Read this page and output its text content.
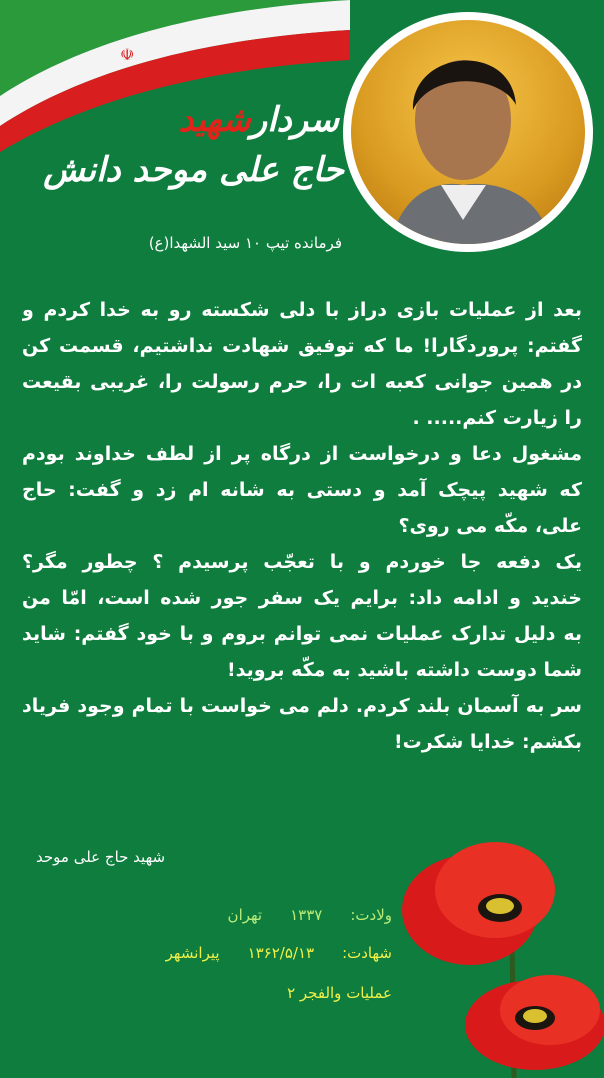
☫
سردارشهید
حاج علی موحد دانش
فرمانده تیپ ۱۰ سید الشهدا(ع)
بعد از عملیات بازی دراز با دلی شکسته رو به خدا کردم و
گفتم: پروردگارا! ما که توفیق شهادت نداشتیم، قسمت کن
در همین جوانی کعبه ات را، حرم رسولت را، غریبی بقیعت
را زیارت کنم..... .
مشغول دعا و درخواست از درگاه پر از لطف خداوند بودم
که شهید پیچک آمد و دستی به شانه ام زد و گفت: حاج
علی، مکّه می روی؟
یک دفعه جا خوردم و با تعجّب پرسیدم ؟ چطور مگر؟
خندید و ادامه داد: برایم یک سفر جور شده است، امّا من
به دلیل تدارک عملیات نمی توانم بروم و با خود گفتم: شاید
شما دوست داشته باشید به مکّه بروید!
سر به آسمان بلند کردم. دلم می خواست با تمام وجود فریاد
بکشم: خدایا شکرت!
شهید حاج علی موحد
ولادت:۱۳۳۷تهران
شهادت:۱۳۶۲/۵/۱۳پیرانشهر
عملیات والفجر ۲
